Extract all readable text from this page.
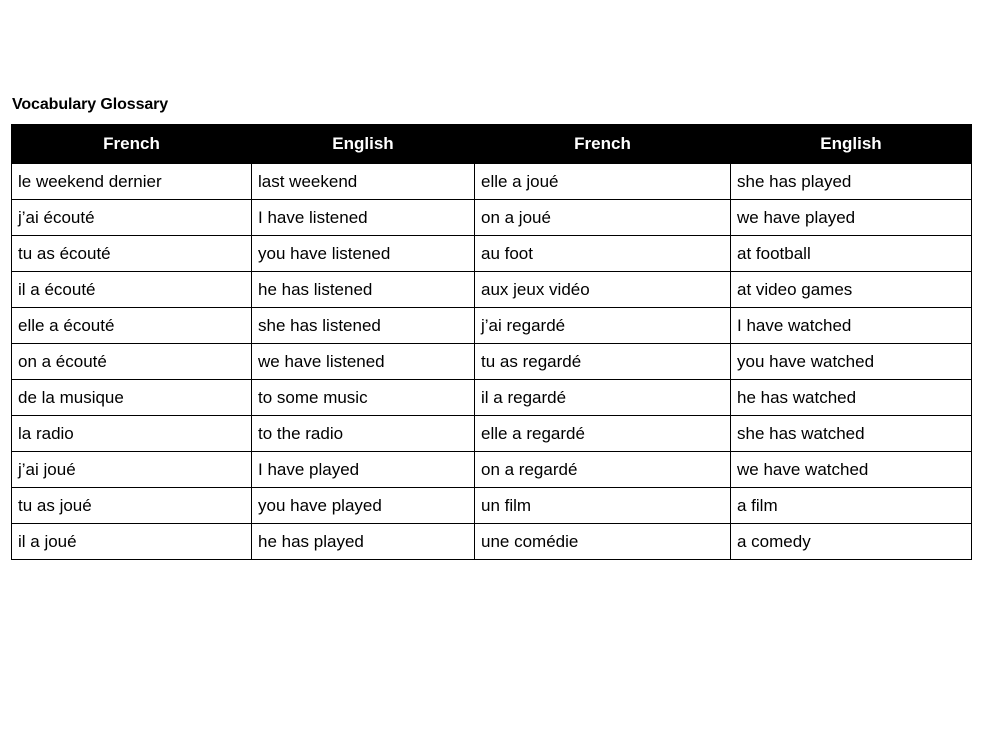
Vocabulary Glossary
French	English	French	English
le weekend dernier	last weekend	elle a joué	she has played
j’ai écouté	I have listened	on a joué	we have played
tu as écouté	you have listened	au foot	at football
il a écouté	he has listened	aux jeux vidéo	at video games
elle a écouté	she has listened	j’ai regardé	I have watched
on a écouté	we have listened	tu as regardé	you have watched
de la musique	to some music	il a regardé	he has watched
la radio	to the radio	elle a regardé	she has watched
j’ai joué	I have played	on a regardé	we have watched
tu as joué	you have played	un film	a film
il a joué	he has played	une comédie	a comedy
